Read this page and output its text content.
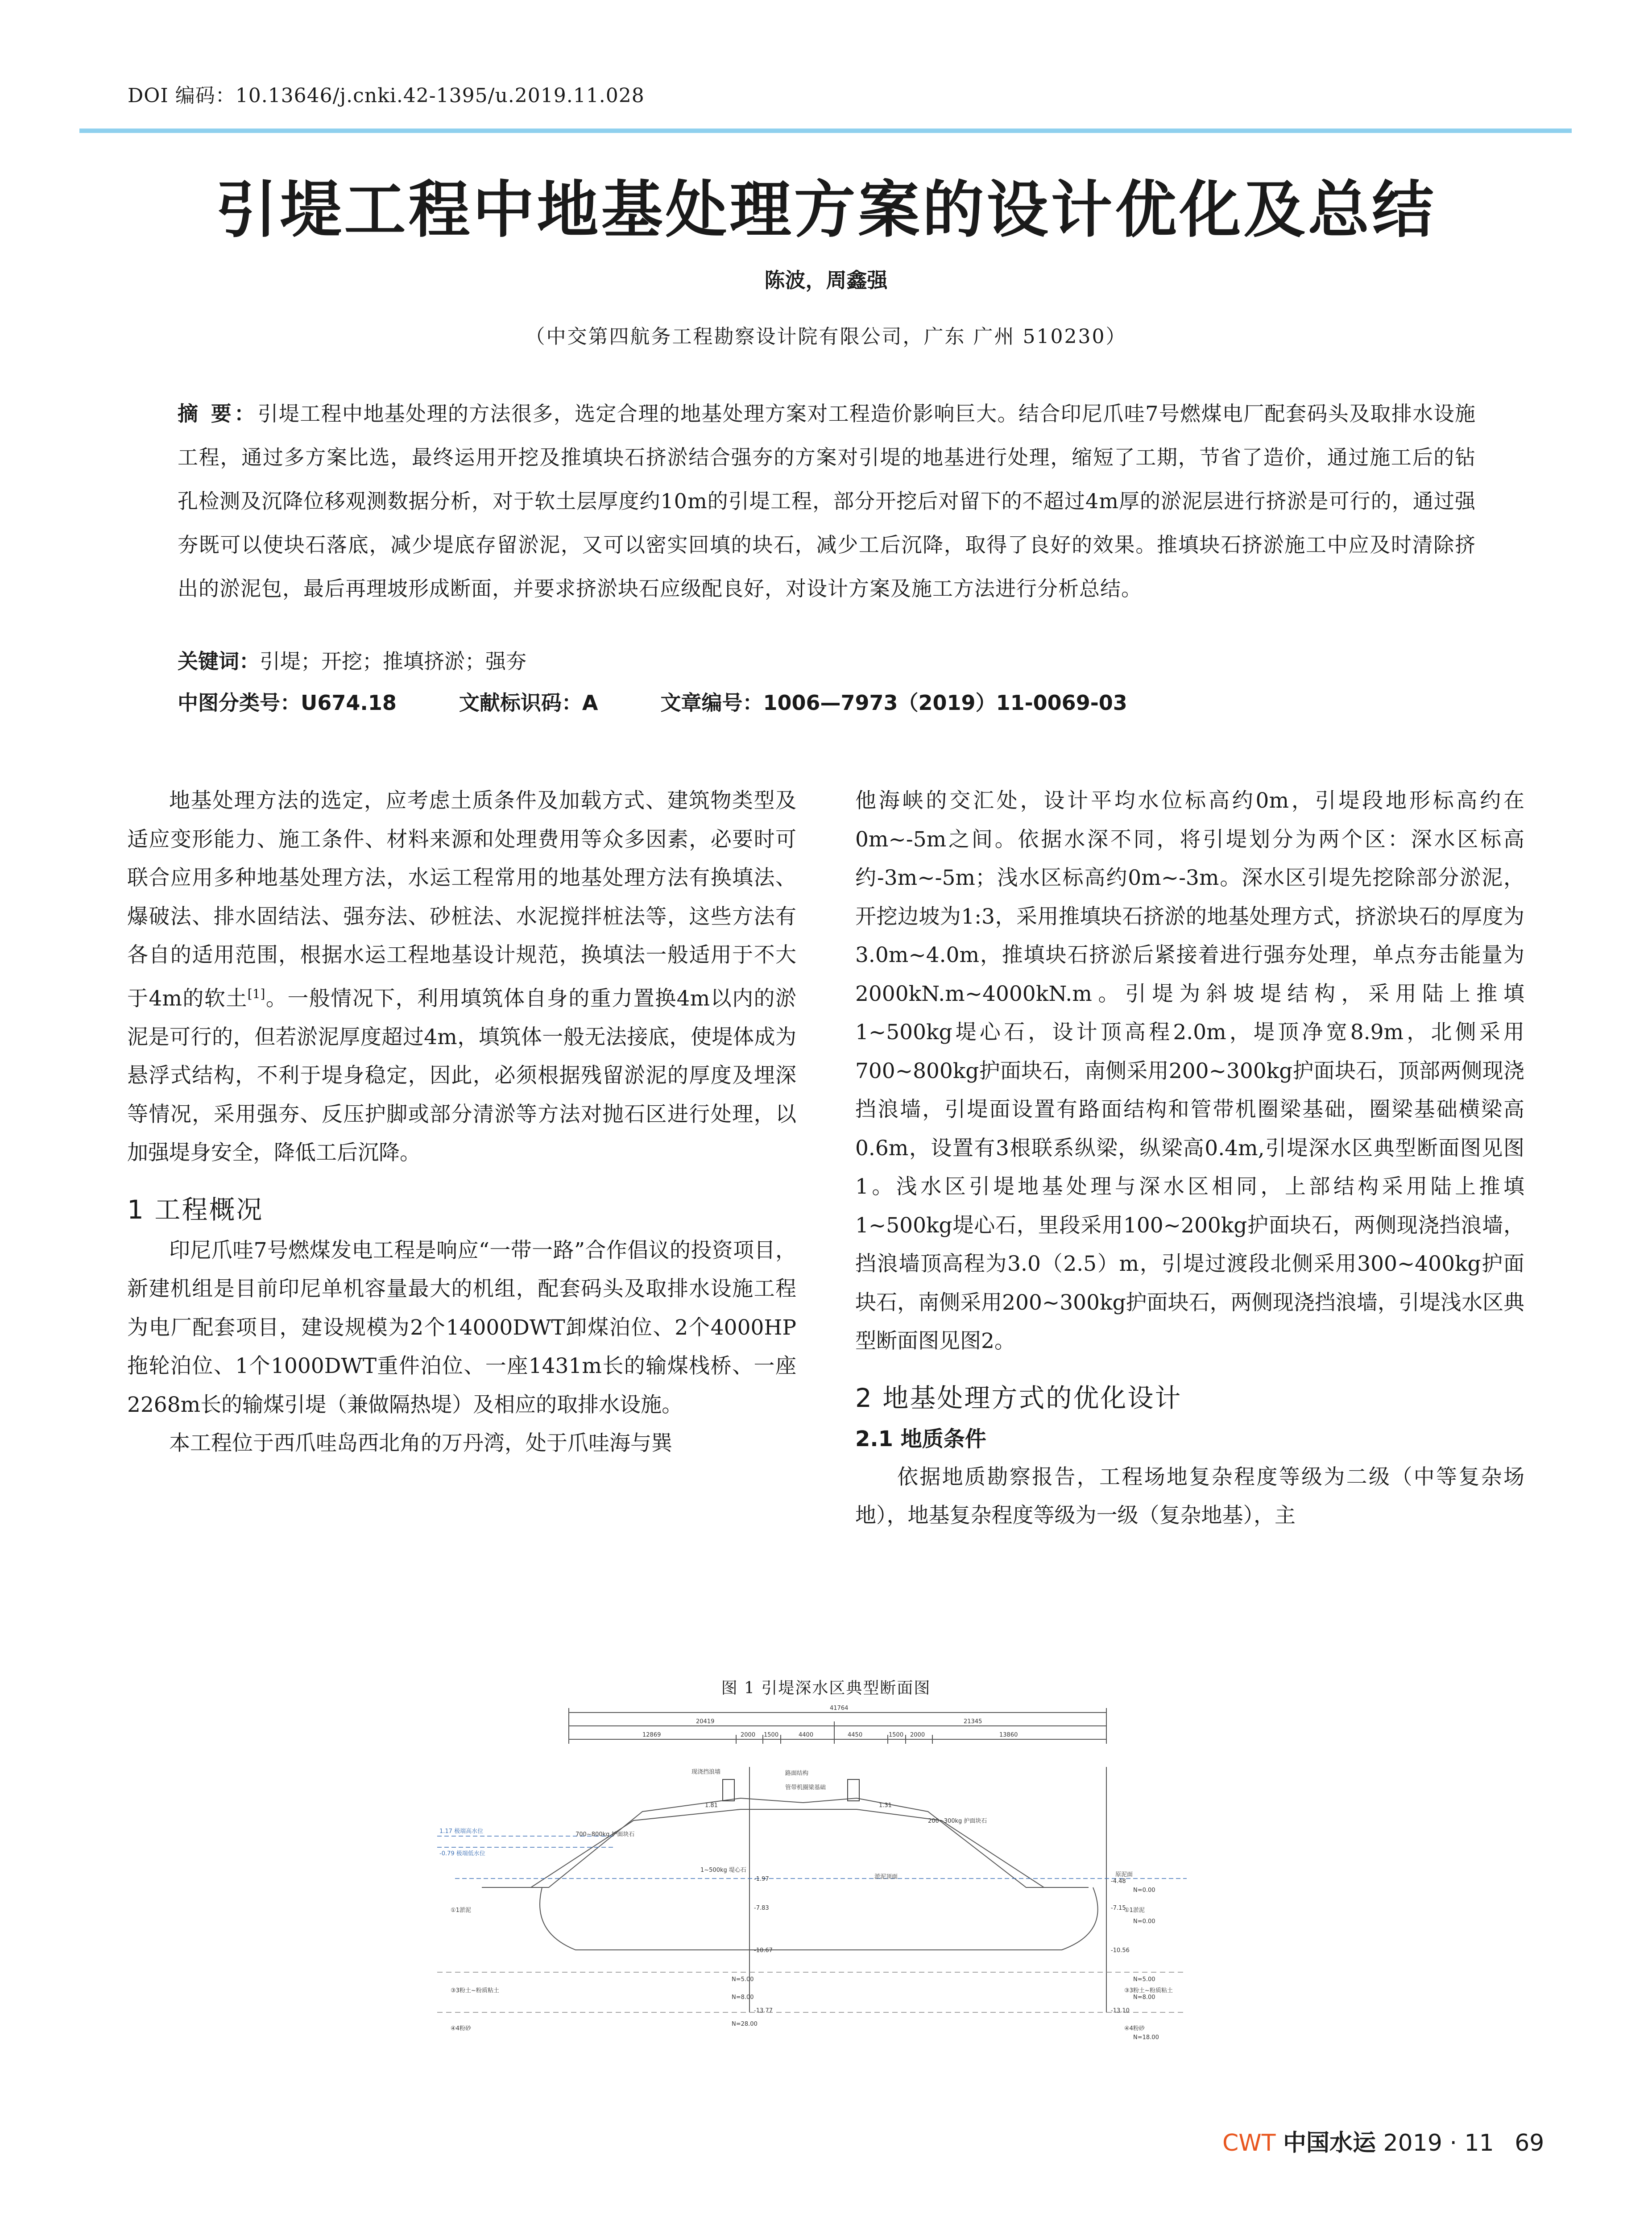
DOI 编码：10.13646/j.cnki.42-1395/u.2019.11.028
引堤工程中地基处理方案的设计优化及总结
陈波，周鑫强
（中交第四航务工程勘察设计院有限公司，广东 广州 510230）
摘 要：引堤工程中地基处理的方法很多，选定合理的地基处理方案对工程造价影响巨大。结合印尼爪哇7号燃煤电厂配套码头及取排水设施工程，通过多方案比选，最终运用开挖及推填块石挤淤结合强夯的方案对引堤的地基进行处理，缩短了工期，节省了造价，通过施工后的钻孔检测及沉降位移观测数据分析，对于软土层厚度约10m的引堤工程，部分开挖后对留下的不超过4m厚的淤泥层进行挤淤是可行的，通过强夯既可以使块石落底，减少堤底存留淤泥，又可以密实回填的块石，减少工后沉降，取得了良好的效果。推填块石挤淤施工中应及时清除挤出的淤泥包，最后再理坡形成断面，并要求挤淤块石应级配良好，对设计方案及施工方法进行分析总结。
关键词：引堤；开挖；推填挤淤；强夯
中图分类号：U674.18	文献标识码：A	文章编号：1006—7973（2019）11-0069-03

地基处理方法的选定，应考虑土质条件及加载方式、建筑物类型及适应变形能力、施工条件、材料来源和处理费用等众多因素，必要时可联合应用多种地基处理方法，水运工程常用的地基处理方法有换填法、爆破法、排水固结法、强夯法、砂桩法、水泥搅拌桩法等，这些方法有各自的适用范围，根据水运工程地基设计规范，换填法一般适用于不大于4m的软土[1]。一般情况下，利用填筑体自身的重力置换4m以内的淤泥是可行的，但若淤泥厚度超过4m，填筑体一般无法接底，使堤体成为悬浮式结构，不利于堤身稳定，因此，必须根据残留淤泥的厚度及埋深等情况，采用强夯、反压护脚或部分清淤等方法对抛石区进行处理，以加强堤身安全，降低工后沉降。

1 工程概况

印尼爪哇7号燃煤发电工程是响应“一带一路”合作倡议的投资项目，新建机组是目前印尼单机容量最大的机组，配套码头及取排水设施工程为电厂配套项目，建设规模为2个14000DWT卸煤泊位、2个4000HP拖轮泊位、1个1000DWT重件泊位、一座1431m长的输煤栈桥、一座2268m长的输煤引堤（兼做隔热堤）及相应的取排水设施。

本工程位于西爪哇岛西北角的万丹湾，处于爪哇海与巽

他海峡的交汇处，设计平均水位标高约0m，引堤段地形标高约在0m~-5m之间。依据水深不同，将引堤划分为两个区：深水区标高约-3m~-5m；浅水区标高约0m~-3m。深水区引堤先挖除部分淤泥，开挖边坡为1:3，采用推填块石挤淤的地基处理方式，挤淤块石的厚度为3.0m~4.0m，推填块石挤淤后紧接着进行强夯处理，单点夯击能量为2000kN.m~4000kN.m。引堤为斜坡堤结构，采用陆上推填1~500kg堤心石，设计顶高程2.0m，堤顶净宽8.9m，北侧采用700~800kg护面块石，南侧采用200~300kg护面块石，顶部两侧现浇挡浪墙，引堤面设置有路面结构和管带机圈梁基础，圈梁基础横梁高0.6m，设置有3根联系纵梁，纵梁高0.4m,引堤深水区典型断面图见图1。浅水区引堤地基处理与深水区相同，上部结构采用陆上推填1~500kg堤心石，里段采用100~200kg护面块石，两侧现浇挡浪墙，挡浪墙顶高程为3.0（2.5）m，引堤过渡段北侧采用300~400kg护面块石，南侧采用200~300kg护面块石，两侧现浇挡浪墙，引堤浅水区典型断面图见图2。

2 地基处理方式的优化设计

2.1 地质条件

依据地质勘察报告，工程场地复杂程度等级为二级（中等复杂场地），地基复杂程度等级为一级（复杂地基），主

图 1 引堤深水区典型断面图
41764
20419	21345
12869	2000 1500	4400	4450	1500 2000	13860
1.17 极端高水位
-0.79 极端低水位
700~800kg 护面块石
200~300kg 护面块石
1~500kg 堤心石
淤泥顶面	原泥面
现浇挡浪墙
管带机圈梁基础
路面结构
①1淤泥
③3粉土~粉质粘土
④4粉砂
①1淤泥
③3粉土~粉质粘土
④4粉砂
1.81	1.31
-1.97
-7.83
-10.67
-13.77
-4.48
-7.15
-10.56
-13.10
N=5.00
N=8.00
N=28.00
N=0.00
N=0.00
N=5.00
N=8.00
N=18.00
CWT 中国水运 2019 · 11 69
